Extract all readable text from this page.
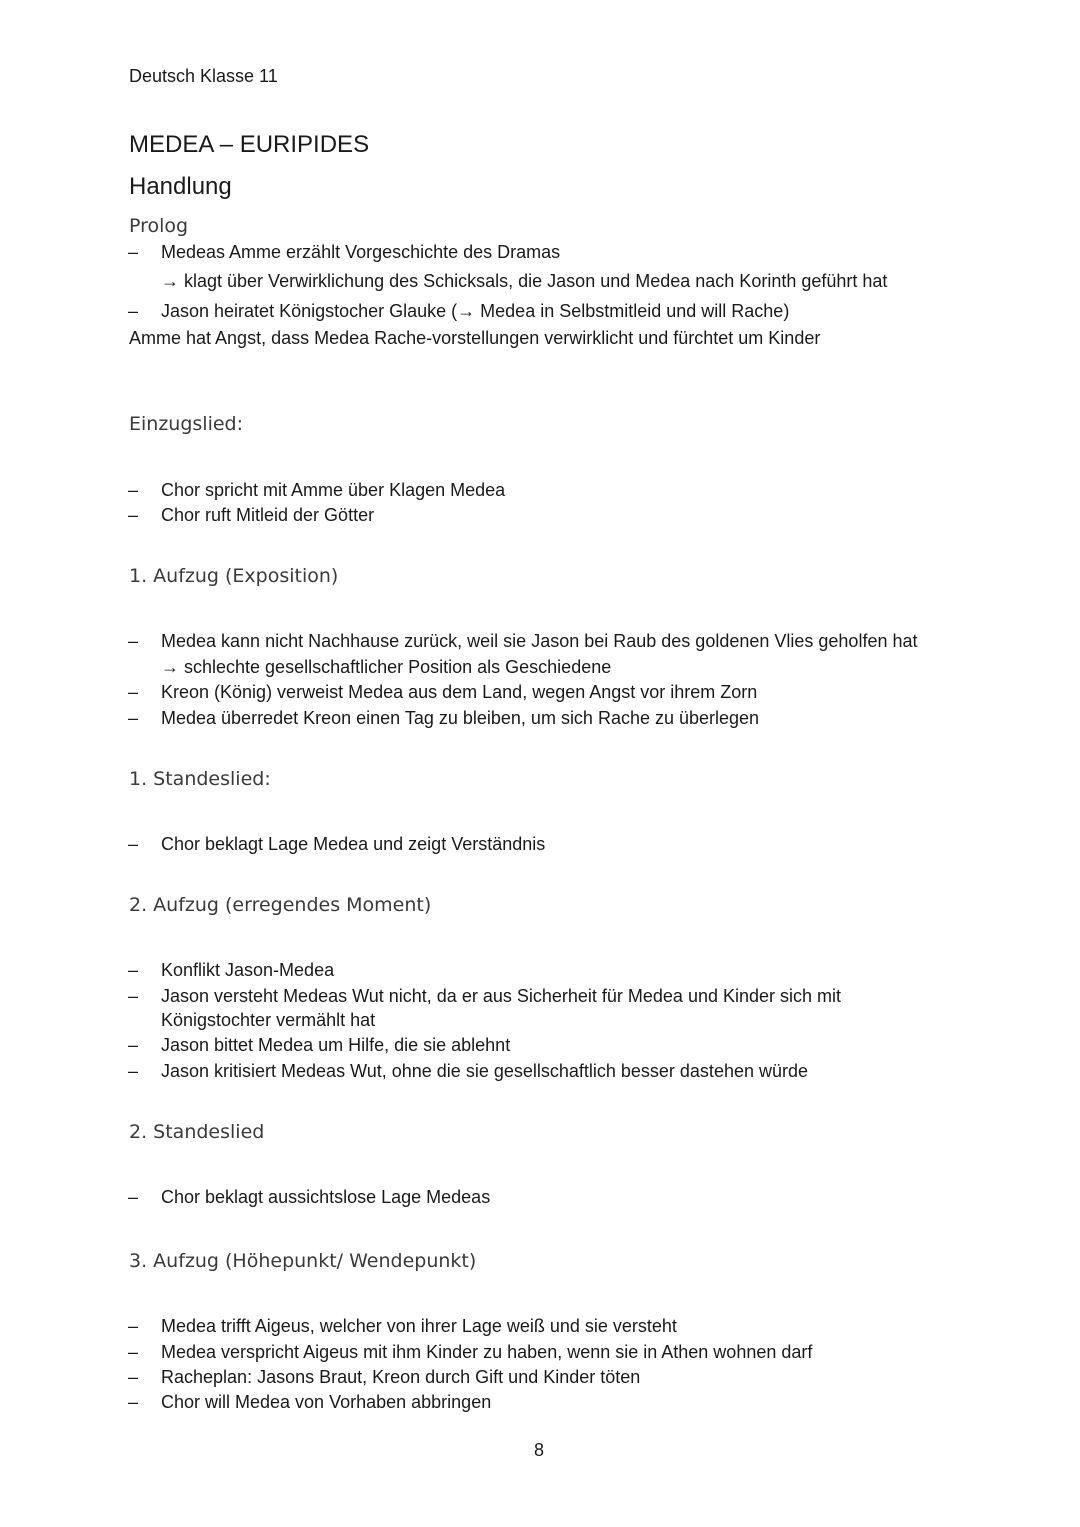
Deutsch Klasse 11
MEDEA – EURIPIDES
Handlung
Prolog
– Medeas Amme erzählt Vorgeschichte des Dramas
→ klagt über Verwirklichung des Schicksals, die Jason und Medea nach Korinth geführt hat
– Jason heiratet Königstocher Glauke (→ Medea in Selbstmitleid und will Rache)
Amme hat Angst, dass Medea Rache-vorstellungen verwirklicht und fürchtet um Kinder
Einzugslied:
– Chor spricht mit Amme über Klagen Medea
– Chor ruft Mitleid der Götter
1. Aufzug (Exposition)
– Medea kann nicht Nachhause zurück, weil sie Jason bei Raub des goldenen Vlies geholfen hat
→ schlechte gesellschaftlicher Position als Geschiedene
– Kreon (König) verweist Medea aus dem Land, wegen Angst vor ihrem Zorn
– Medea überredet Kreon einen Tag zu bleiben, um sich Rache zu überlegen
1. Standeslied:
– Chor beklagt Lage Medea und zeigt Verständnis
2. Aufzug (erregendes Moment)
– Konflikt Jason-Medea
– Jason versteht Medeas Wut nicht, da er aus Sicherheit für Medea und Kinder sich mit
Königstochter vermählt hat
– Jason bittet Medea um Hilfe, die sie ablehnt
– Jason kritisiert Medeas Wut, ohne die sie gesellschaftlich besser dastehen würde
2. Standeslied
– Chor beklagt aussichtslose Lage Medeas
3. Aufzug (Höhepunkt/ Wendepunkt)
– Medea trifft Aigeus, welcher von ihrer Lage weiß und sie versteht
– Medea verspricht Aigeus mit ihm Kinder zu haben, wenn sie in Athen wohnen darf
– Racheplan: Jasons Braut, Kreon durch Gift und Kinder töten
– Chor will Medea von Vorhaben abbringen
8
